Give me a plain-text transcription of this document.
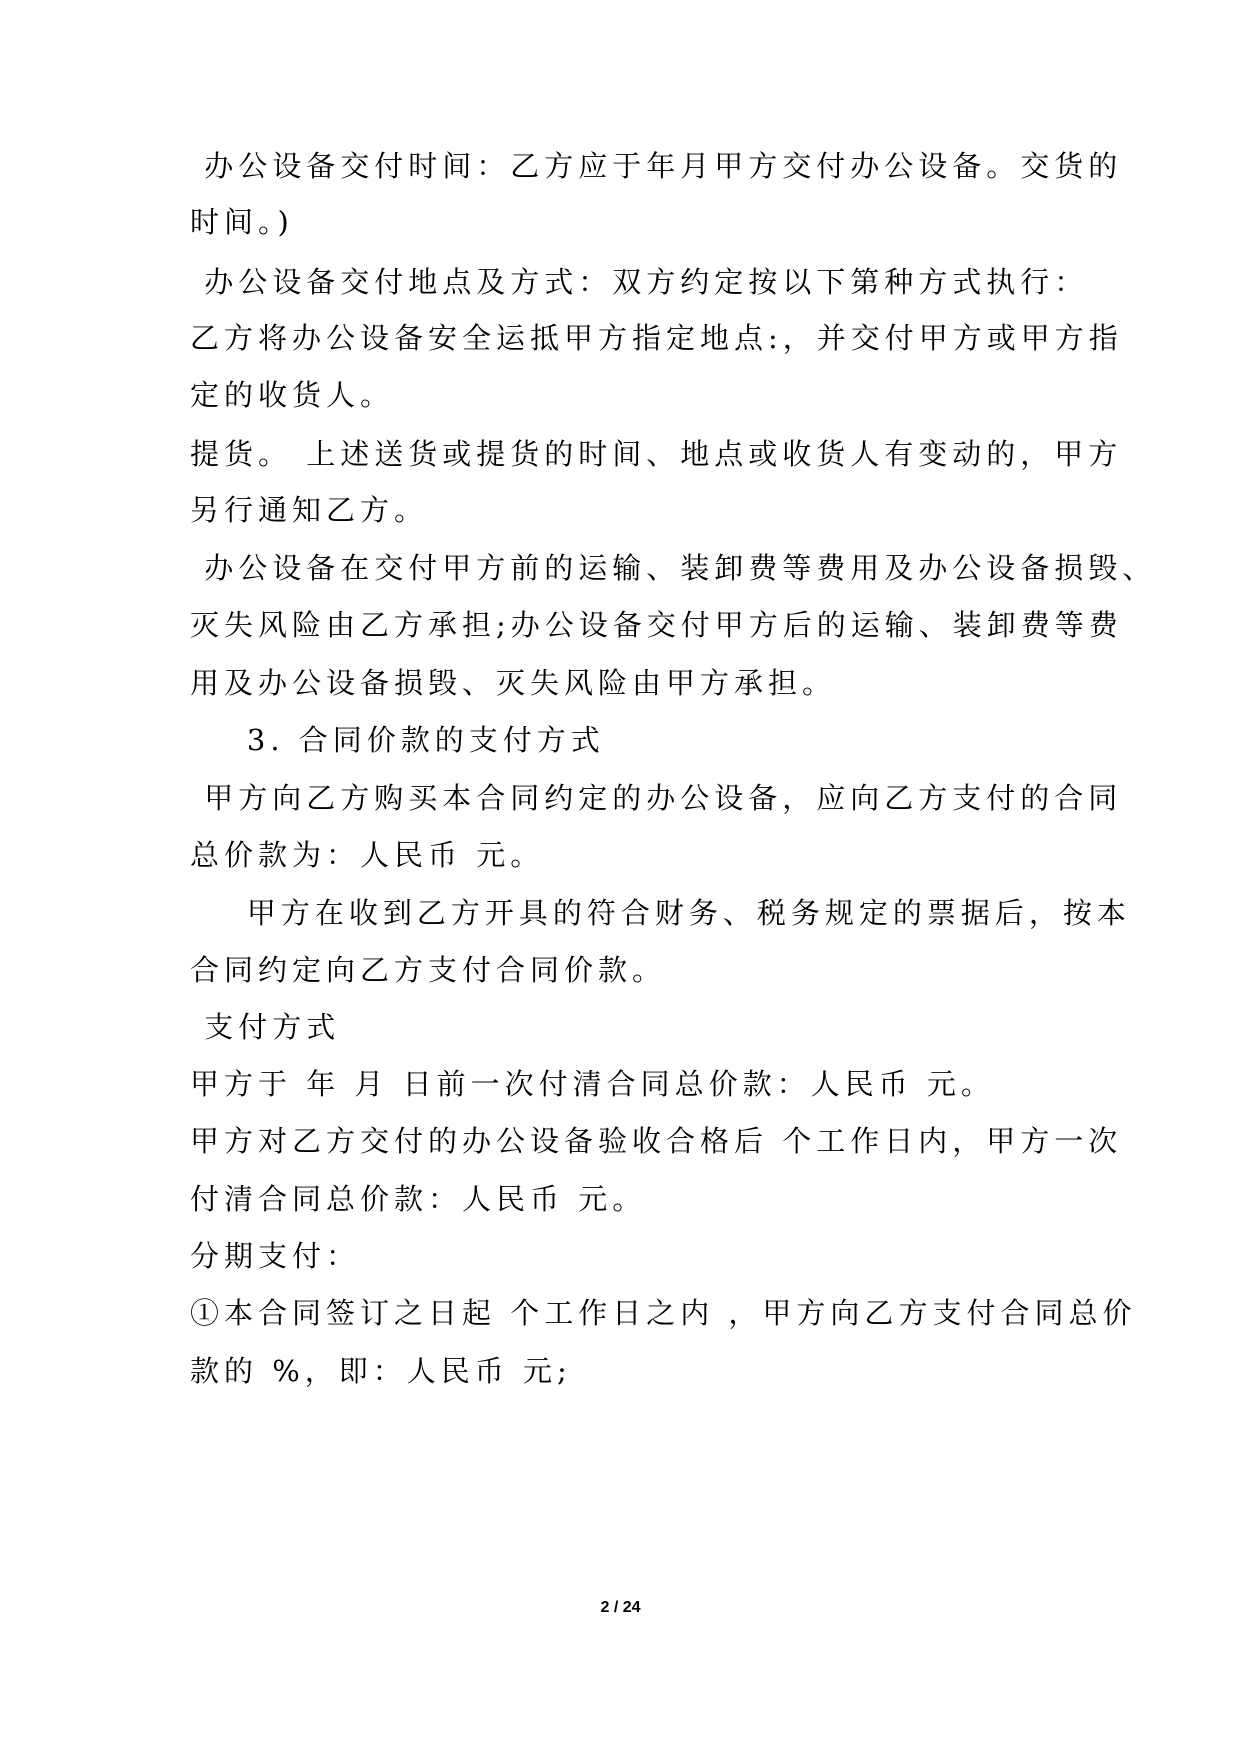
办公设备交付时间：乙方应于年月甲方交付办公设备。交货的
时间。)
办公设备交付地点及方式：双方约定按以下第种方式执行：
乙方将办公设备安全运抵甲方指定地点:，并交付甲方或甲方指
定的收货人。
提货。 上述送货或提货的时间、地点或收货人有变动的，甲方
另行通知乙方。
办公设备在交付甲方前的运输、装卸费等费用及办公设备损毁、
灭失风险由乙方承担;办公设备交付甲方后的运输、装卸费等费
用及办公设备损毁、灭失风险由甲方承担。
3. 合同价款的支付方式
甲方向乙方购买本合同约定的办公设备，应向乙方支付的合同
总价款为：人民币 元。
甲方在收到乙方开具的符合财务、税务规定的票据后，按本
合同约定向乙方支付合同价款。
支付方式
甲方于 年 月 日前一次付清合同总价款：人民币 元。
甲方对乙方交付的办公设备验收合格后 个工作日内，甲方一次
付清合同总价款：人民币 元。
分期支付：
①本合同签订之日起 个工作日之内 ，甲方向乙方支付合同总价
款的 %，即：人民币 元;
2 / 24
